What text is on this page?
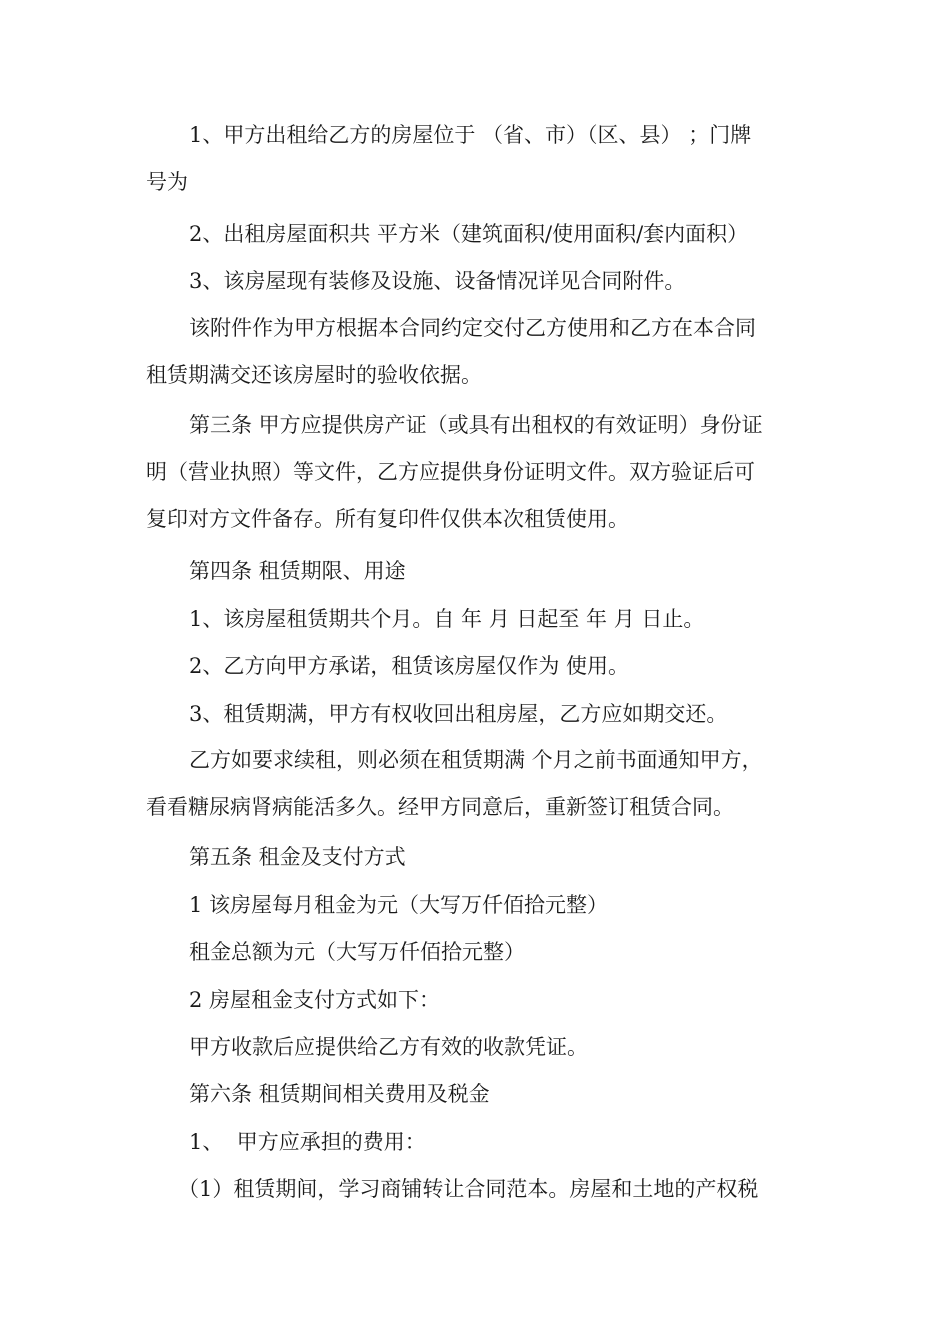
1、甲方出租给乙方的房屋位于 （省、市）（区、县） ；门牌
号为

2、出租房屋面积共 平方米（建筑面积/使用面积/套内面积）

3、该房屋现有装修及设施、设备情况详见合同附件。

该附件作为甲方根据本合同约定交付乙方使用和乙方在本合同
租赁期满交还该房屋时的验收依据。

第三条 甲方应提供房产证（或具有出租权的有效证明）身份证
明（营业执照）等文件，乙方应提供身份证明文件。双方验证后可
复印对方文件备存。所有复印件仅供本次租赁使用。

第四条 租赁期限、用途

1、该房屋租赁期共个月。自 年 月 日起至 年 月 日止。

2、乙方向甲方承诺，租赁该房屋仅作为 使用。

3、租赁期满，甲方有权收回出租房屋，乙方应如期交还。

乙方如要求续租，则必须在租赁期满 个月之前书面通知甲方，
看看糖尿病肾病能活多久。经甲方同意后，重新签订租赁合同。

第五条 租金及支付方式

1 该房屋每月租金为元（大写万仟佰拾元整）

租金总额为元（大写万仟佰拾元整）

2 房屋租金支付方式如下：

甲方收款后应提供给乙方有效的收款凭证。

第六条 租赁期间相关费用及税金

1、  甲方应承担的费用：

（1）租赁期间，学习商铺转让合同范本。房屋和土地的产权税
